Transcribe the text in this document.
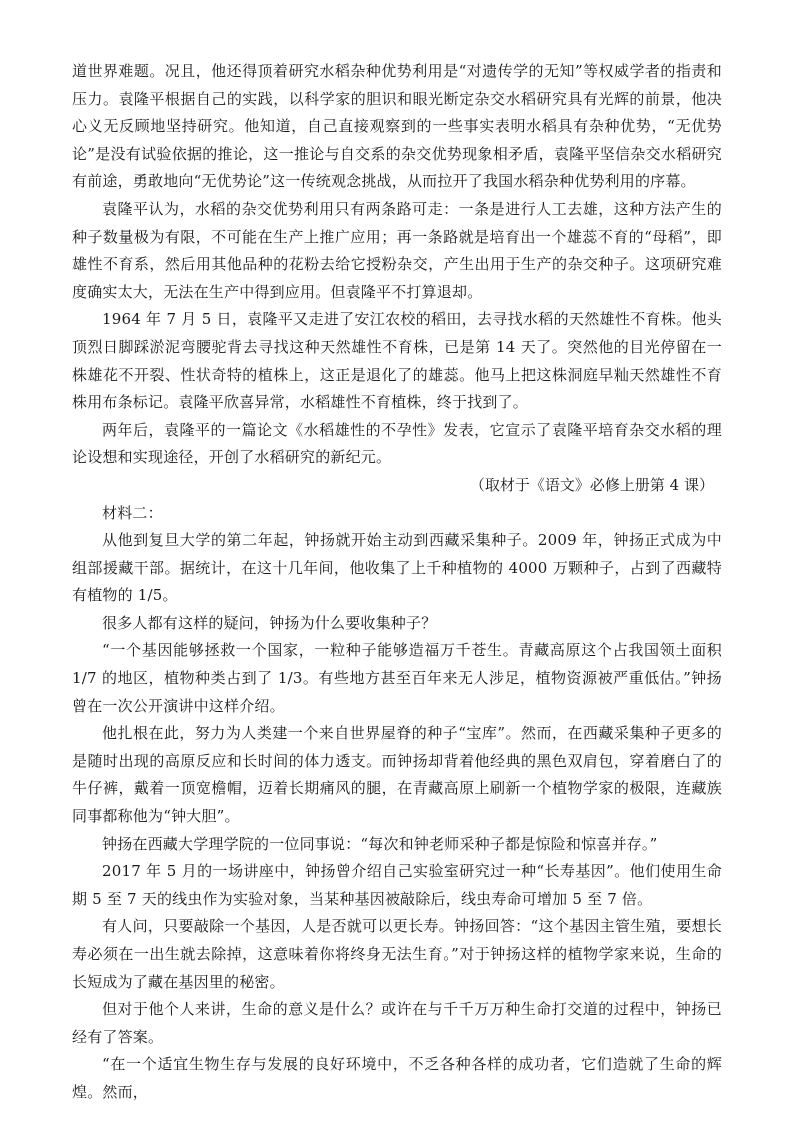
道世界难题。况且，他还得顶着研究水稻杂种优势利用是“对遗传学的无知”等权威学者的指责和压力。袁隆平根据自己的实践，以科学家的胆识和眼光断定杂交水稻研究具有光辉的前景，他决心义无反顾地坚持研究。他知道，自己直接观察到的一些事实表明水稻具有杂种优势，“无优势论”是没有试验依据的推论，这一推论与自交系的杂交优势现象相矛盾，袁隆平坚信杂交水稻研究有前途，勇敢地向“无优势论”这一传统观念挑战，从而拉开了我国水稻杂种优势利用的序幕。

袁隆平认为，水稻的杂交优势利用只有两条路可走：一条是进行人工去雄，这种方法产生的种子数量极为有限，不可能在生产上推广应用；再一条路就是培育出一个雄蕊不育的“母稻”，即雄性不育系，然后用其他品种的花粉去给它授粉杂交，产生出用于生产的杂交种子。这项研究难度确实太大，无法在生产中得到应用。但袁隆平不打算退却。

1964 年 7 月 5 日，袁隆平又走进了安江农校的稻田，去寻找水稻的天然雄性不育株。他头顶烈日脚踩淤泥弯腰驼背去寻找这种天然雄性不育株，已是第 14 天了。突然他的目光停留在一株雄花不开裂、性状奇特的植株上，这正是退化了的雄蕊。他马上把这株洞庭早籼天然雄性不育株用布条标记。袁隆平欣喜异常，水稻雄性不育植株，终于找到了。

两年后，袁隆平的一篇论文《水稻雄性的不孕性》发表，它宣示了袁隆平培育杂交水稻的理论设想和实现途径，开创了水稻研究的新纪元。

（取材于《语文》必修上册第 4 课）

材料二：

从他到复旦大学的第二年起，钟扬就开始主动到西藏采集种子。2009 年，钟扬正式成为中组部援藏干部。据统计，在这十几年间，他收集了上千种植物的 4000 万颗种子，占到了西藏特有植物的 1/5。

很多人都有这样的疑问，钟扬为什么要收集种子？

“一个基因能够拯救一个国家，一粒种子能够造福万千苍生。青藏高原这个占我国领土面积 1/7 的地区，植物种类占到了 1/3。有些地方甚至百年来无人涉足，植物资源被严重低估。”钟扬曾在一次公开演讲中这样介绍。

他扎根在此，努力为人类建一个来自世界屋脊的种子“宝库”。然而，在西藏采集种子更多的是随时出现的高原反应和长时间的体力透支。而钟扬却背着他经典的黑色双肩包，穿着磨白了的牛仔裤，戴着一顶宽檐帽，迈着长期痛风的腿，在青藏高原上刷新一个植物学家的极限，连藏族同事都称他为“钟大胆”。

钟扬在西藏大学理学院的一位同事说：“每次和钟老师采种子都是惊险和惊喜并存。”

2017 年 5 月的一场讲座中，钟扬曾介绍自己实验室研究过一种“长寿基因”。他们使用生命期 5 至 7 天的线虫作为实验对象，当某种基因被敲除后，线虫寿命可增加 5 至 7 倍。

有人问，只要敲除一个基因，人是否就可以更长寿。钟扬回答：“这个基因主管生殖，要想长寿必须在一出生就去除掉，这意味着你将终身无法生育。”对于钟扬这样的植物学家来说，生命的长短成为了藏在基因里的秘密。

但对于他个人来讲，生命的意义是什么？或许在与千千万万种生命打交道的过程中，钟扬已经有了答案。

“在一个适宜生物生存与发展的良好环境中，不乏各种各样的成功者，它们造就了生命的辉煌。然而，
